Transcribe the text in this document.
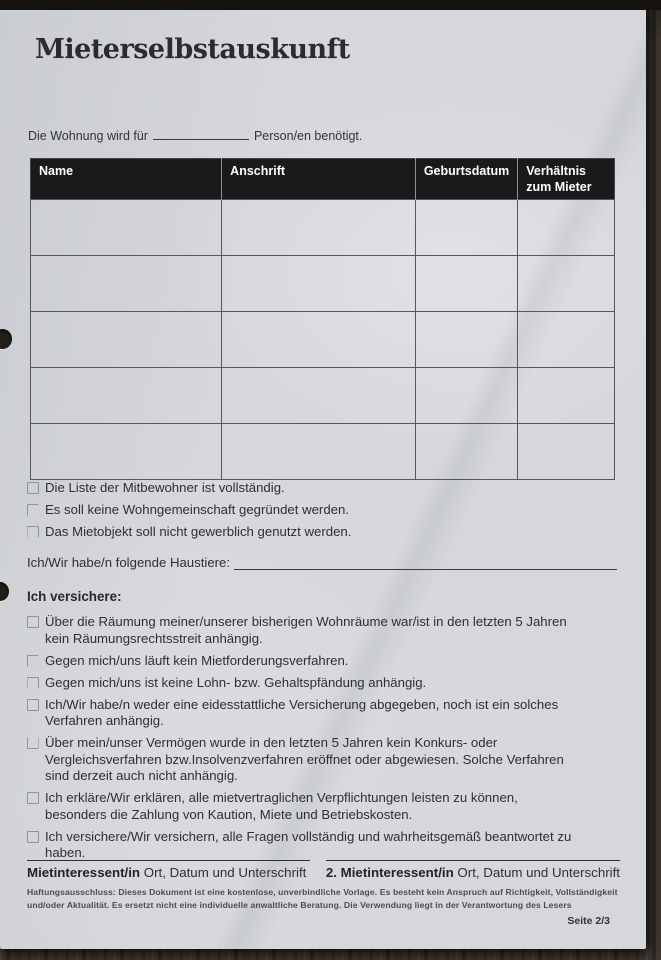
Mieterselbstauskunft
Die Wohnung wird für	Person/en benötigt.
Name	Anschrift	Geburtsdatum	Verhältnis zum Mieter

Die Liste der Mitbewohner ist vollständig.
Es soll keine Wohngemeinschaft gegründet werden.
Das Mietobjekt soll nicht gewerblich genutzt werden.
Ich/Wir habe/n folgende Haustiere:
Ich versichere:
Über die Räumung meiner/unserer bisherigen Wohnräume war/ist in den letzten 5 Jahren kein Räumungsrechtsstreit anhängig.
Gegen mich/uns läuft kein Mietforderungsverfahren.
Gegen mich/uns ist keine Lohn- bzw. Gehaltspfändung anhängig.
Ich/Wir habe/n weder eine eidesstattliche Versicherung abgegeben, noch ist ein solches Verfahren anhängig.
Über mein/unser Vermögen wurde in den letzten 5 Jahren kein Konkurs- oder Vergleichsverfahren bzw.Insolvenzverfahren eröffnet oder abgewiesen. Solche Verfahren sind derzeit auch nicht anhängig.
Ich erkläre/Wir erklären, alle mietvertraglichen Verpflichtungen leisten zu können, besonders die Zahlung von Kaution, Miete und Betriebskosten.
Ich versichere/Wir versichern, alle Fragen vollständig und wahrheitsgemäß beantwortet zu haben.
Mietinteressent/in Ort, Datum und Unterschrift 2. Mietinteressent/in Ort, Datum und Unterschrift
Haftungsausschluss: Dieses Dokument ist eine kostenlose, unverbindliche Vorlage. Es besteht kein Anspruch auf Richtigkeit, Vollständigkeit und/oder Aktualität. Es ersetzt nicht eine individuelle anwaltliche Beratung. Die Verwendung liegt in der Verantwortung des Lesers
Seite 2/3
